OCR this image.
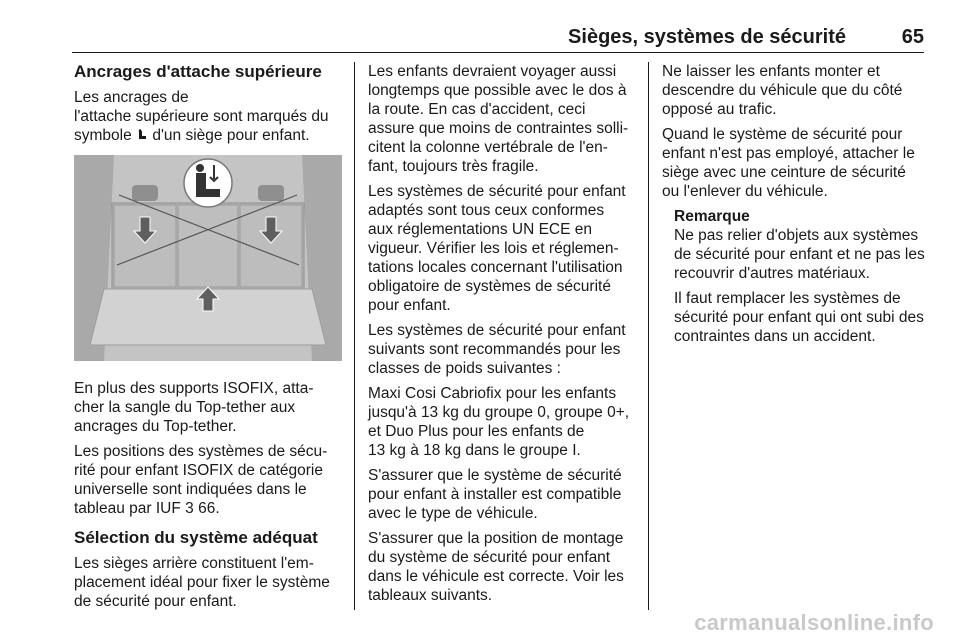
Sièges, systèmes de sécurité	65
Ancrages d'attache supérieure

Les ancrages de
l'attache supérieure sont marqués du
symbole d'un siège pour enfant.

En plus des supports ISOFIX, atta-
cher la sangle du Top-tether aux
ancrages du Top-tether.

Les positions des systèmes de sécu-
rité pour enfant ISOFIX de catégorie
universelle sont indiquées dans le
tableau par IUF 3 66.

Sélection du système adéquat

Les sièges arrière constituent l'em-
placement idéal pour fixer le système
de sécurité pour enfant.

Les enfants devraient voyager aussi
longtemps que possible avec le dos à
la route. En cas d'accident, ceci
assure que moins de contraintes solli-
citent la colonne vertébrale de l'en-
fant, toujours très fragile.

Les systèmes de sécurité pour enfant
adaptés sont tous ceux conformes
aux réglementations UN ECE en
vigueur. Vérifier les lois et réglemen-
tations locales concernant l'utilisation
obligatoire de systèmes de sécurité
pour enfant.

Les systèmes de sécurité pour enfant
suivants sont recommandés pour les
classes de poids suivantes :

Maxi Cosi Cabriofix pour les enfants
jusqu'à 13 kg du groupe 0, groupe 0+,
et Duo Plus pour les enfants de
13 kg à 18 kg dans le groupe I.

S'assurer que le système de sécurité
pour enfant à installer est compatible
avec le type de véhicule.

S'assurer que la position de montage
du système de sécurité pour enfant
dans le véhicule est correcte. Voir les
tableaux suivants.

Ne laisser les enfants monter et
descendre du véhicule que du côté
opposé au trafic.

Quand le système de sécurité pour
enfant n'est pas employé, attacher le
siège avec une ceinture de sécurité
ou l'enlever du véhicule.

Remarque

Ne pas relier d'objets aux systèmes
de sécurité pour enfant et ne pas les
recouvrir d'autres matériaux.

Il faut remplacer les systèmes de
sécurité pour enfant qui ont subi des
contraintes dans un accident.

carmanualsonline.info
